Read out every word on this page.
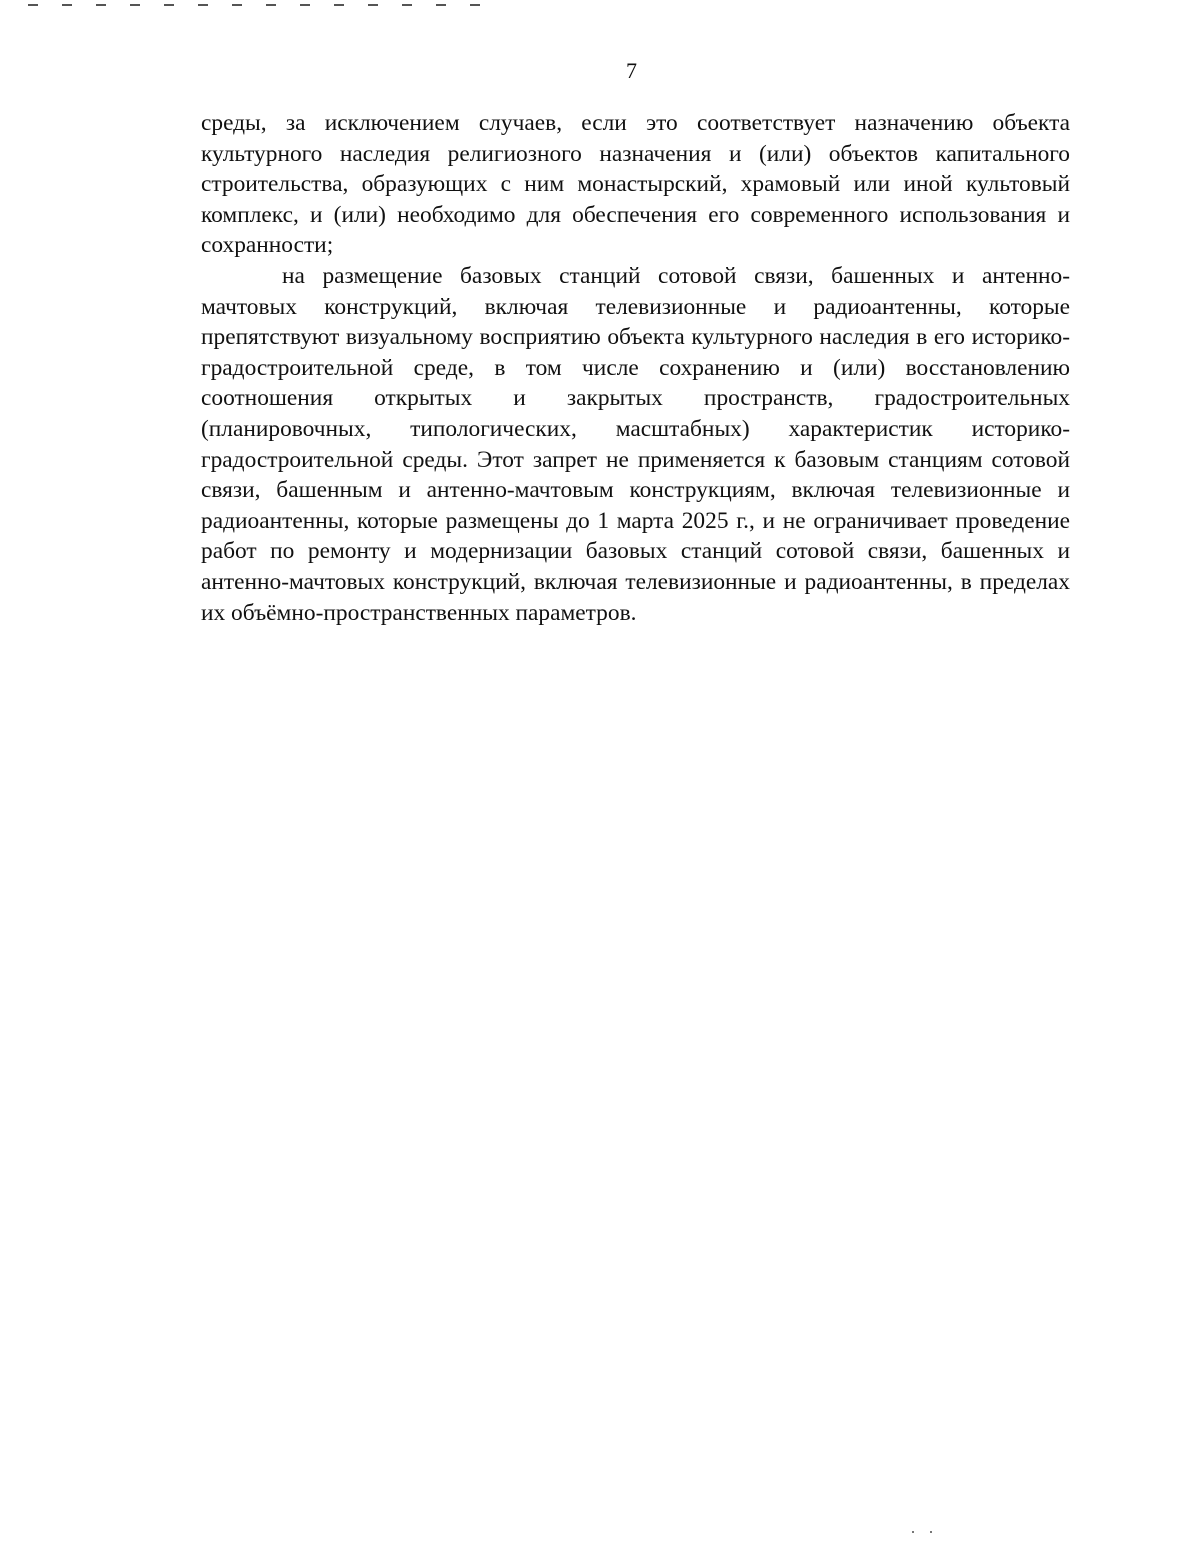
7

среды, за исключением случаев, если это соответствует назначению объекта культурного наследия религиозного назначения и (или) объектов капитального строительства, образующих с ним монастырский, храмовый или иной культовый комплекс, и (или) необходимо для обеспечения его современного использования и сохранности;

на размещение базовых станций сотовой связи, башенных и антенно-мачтовых конструкций, включая телевизионные и радиоантенны, которые препятствуют визуальному восприятию объекта культурного наследия в его историко-градостроительной среде, в том числе сохранению и (или) восстановлению соотношения открытых и закрытых пространств, градостроительных (планировочных, типологических, масштабных) характеристик историко-градостроительной среды. Этот запрет не применяется к базовым станциям сотовой связи, башенным и антенно-мачтовым конструкциям, включая телевизионные и радиоантенны, которые размещены до 1 марта 2025 г., и не ограничивает проведение работ по ремонту и модернизации базовых станций сотовой связи, башенных и антенно-мачтовых конструкций, включая телевизионные и радиоантенны, в пределах их объёмно-пространственных параметров.
